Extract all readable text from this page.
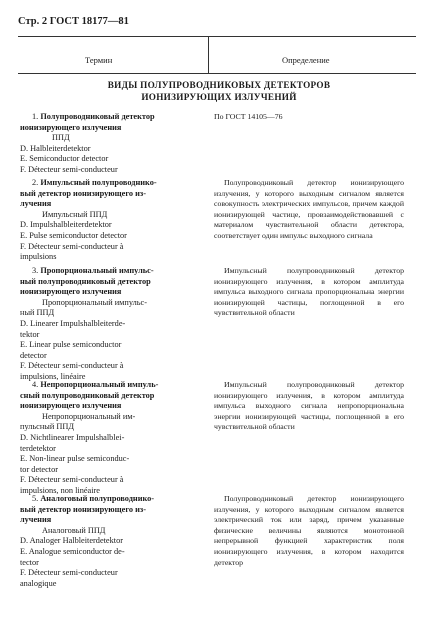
Стр. 2 ГОСТ 18177—81
Термин	Определение
ВИДЫ ПОЛУПРОВОДНИКОВЫХ ДЕТЕКТОРОВ
ИОНИЗИРУЮЩИХ ИЗЛУЧЕНИЙ
1. Полупроводниковый детектор
ионизирующего излучения
ППД
D. Halbleiterdetektor
E. Semiconductor detector
F. Détecteur semi-conducteur
По ГОСТ 14105—76
2. Импульсный полупроводнико-
вый детектор ионизирующего из-
лучения
Импульсный ППД
D. Impulshalbleiterdetektor
E. Pulse semiconductor detector
F. Détecteur semi-conducteur à
impulsions
Полупроводниковый детектор ионизирующего излучения, у которого выходным сигналом является совокупность электрических импульсов, причем каждой ионизирующей частице, провзаимодействовавшей с материалом чувствительной области детектора, соответствует один импульс выходного сигнала
3. Пропорциональный импульс-
ный полупроводниковый детектор
ионизирующего излучения
Пропорциональный импульс-
ный ППД
D. Linearer Impulshalbleiterde-
tektor
E. Linear pulse semiconductor
detector
F. Détecteur semi-conducteur à
impulsions, linéaire
Импульсный полупроводниковый детектор ионизирующего излучения, в котором амплитуда импульса выходного сигнала пропорциональна энергии ионизирующей частицы, поглощенной в его чувствительной области
4. Непропорциональный импуль-
сный полупроводниковый детектор
ионизирующего излучения
Непропорциональный им-
пульсный ППД
D. Nichtlinearer Impulshalblei-
terdetektor
E. Non-linear pulse semiconduc-
tor detector
F. Détecteur semi-conducteur à
impulsions, non linéaire
Импульсный полупроводниковый детектор ионизирующего излучения, в котором амплитуда импульса выходного сигнала непропорциональна энергии ионизирующей частицы, поглощенной в его чувствительной области
5. Аналоговый полупроводнико-
вый детектор ионизирующего из-
лучения
Аналоговый ППД
D. Analoger Halbleiterdetektor
E. Analogue semiconductor de-
tector
F. Détecteur semi-conducteur
analogique
Полупроводниковый детектор ионизирующего излучения, у которого выходным сигналом является электрический ток или заряд, причем указанные физические величины являются монотонной непрерывной функцией характеристик поля ионизирующего излучения, в котором находится детектор
